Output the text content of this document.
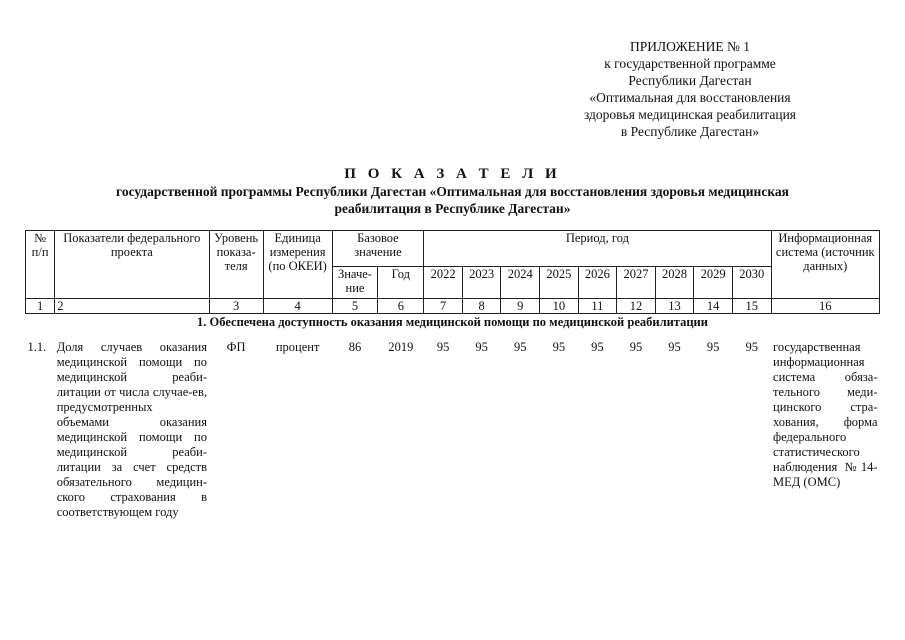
ПРИЛОЖЕНИЕ № 1
к государственной программе
Республики Дагестан
«Оптимальная для восстановления
здоровья медицинская реабилитация
в Республике Дагестан»
П О К А З А Т Е Л И
государственной программы Республики Дагестан «Оптимальная для восстановления здоровья медицинская
реабилитация в Республике Дагестан»
№ п/п	Показатели федерального проекта	Уровень показа-теля	Единица измерения (по ОКЕИ)	Базовое значение		Период, год									Информационная система (источник данных)
				Значе-ние	Год	2022	2023	2024	2025	2026	2027	2028	2029	2030	
1	2	3	4	5	6	7	8	9	10	11	12	13	14	15	16
1. Обеспечена доступность оказания медицинской помощи по медицинской реабилитации															
1.1.	Доля случаев оказания медицинской помощи по медицинской реаби-литации от числа случае-ев, предусмотренных объемами оказания медицинской помощи по медицинской реаби-литации за счет средств обязательного медицин-ского страхования в соответствующем году	ФП	процент	86	2019	95	95	95	95	95	95	95	95	95	государственная информационная система обяза-тельного меди-цинского стра-хования, форма федерального статистического наблюдения №14-МЕД (ОМС)
